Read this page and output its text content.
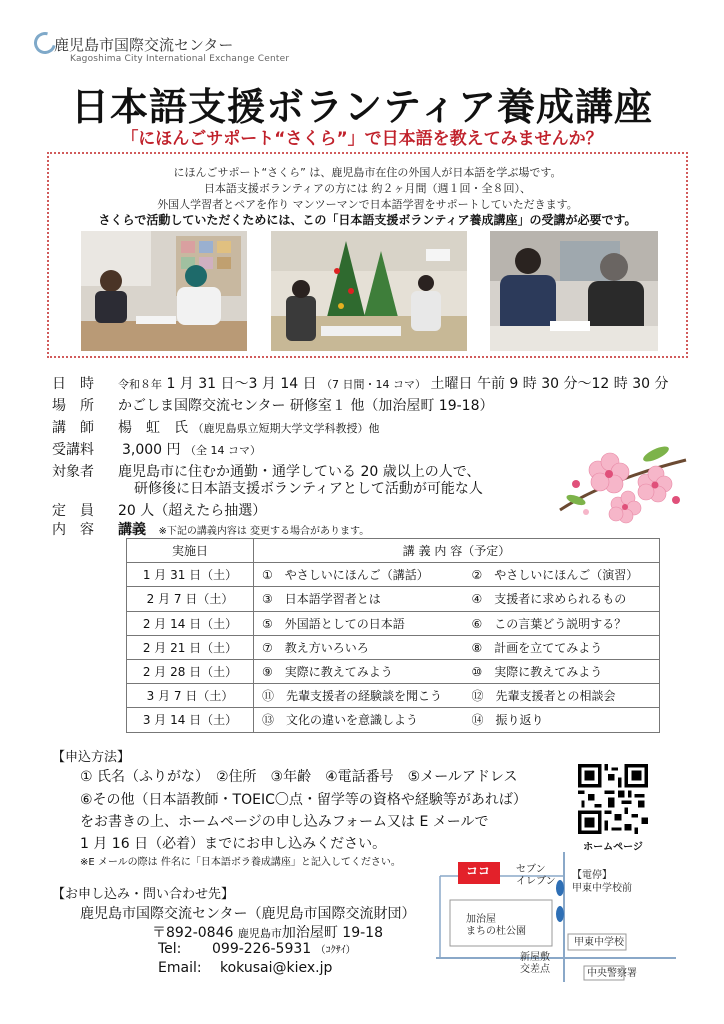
鹿児島市国際交流センター
Kagoshima City International Exchange Center
日本語支援ボランティア養成講座
「にほんごサポート“さくら”」で日本語を教えてみませんか？
にほんごサポート“さくら” は、鹿児島市在住の外国人が日本語を学ぶ場です。
日本語支援ボランティアの方には 約２ヶ月間（週１回・全８回）、
外国人学習者とペアを作り マンツーマンで日本語学習をサポートしていただきます。
さくらで活動していただくためには、この「日本語支援ボランティア養成講座」の受講が必要です。
日　時 令和８年 1 月 31 日～3 月 14 日 （7 日間・14 コマ） 土曜日 午前 9 時 30 分～12 時 30 分
場　所 かごしま国際交流センター 研修室１ 他（加治屋町 19-18）
講　師 楊　虹　氏 （鹿児島県立短期大学文学科教授）他
受講料 3,000 円 （全 14 コマ）
対象者 鹿児島市に住むか通勤・通学している 20 歳以上の人で、
研修後に日本語支援ボランティアとして活動が可能な人
定　員 20 人（超えたら抽選）
内　容 講義 ※下記の講義内容は 変更する場合があります。
実施日	講 義 内 容（予定）	
1 月 31 日（土）	①　やさしいにほんご（講話）	②　やさしいにほんご（演習）
2 月 7 日（土）	③　日本語学習者とは	④　支援者に求められるもの
2 月 14 日（土）	⑤　外国語としての日本語	⑥　この言葉どう説明する？
2 月 21 日（土）	⑦　教え方いろいろ	⑧　計画を立ててみよう
2 月 28 日（土）	⑨　実際に教えてみよう	⑩　実際に教えてみよう
3 月 7 日（土）	⑪　先輩支援者の経験談を聞こう	⑫　先輩支援者との相談会
3 月 14 日（土）	⑬　文化の違いを意識しよう	⑭　振り返り
【申込方法】
① 氏名（ふりがな）　②住所　③年齢　④電話番号　⑤メールアドレス
⑥その他（日本語教師・TOEIC〇点・留学等の資格や経験等があれば）
をお書きの上、ホームページの申し込みフォーム又は E メールで
1 月 16 日（必着）までにお申し込みください。
※E メールの際は 件名に「日本語ボラ養成講座」と記入してください。
【お申し込み・問い合わせ先】
鹿児島市国際交流センター（鹿児島市国際交流財団）
〒892-0846 鹿児島市加治屋町 19-18
Tel: 099-226-5931 （ｺｸｻｲ）
Email: kokusai@kiex.jp
ホームページ
ココ	セブン
イレブン 【電停】
甲東中学校前
加治屋
まちの杜公園
甲東中学校
新屋敷
交差点	中央警察署
